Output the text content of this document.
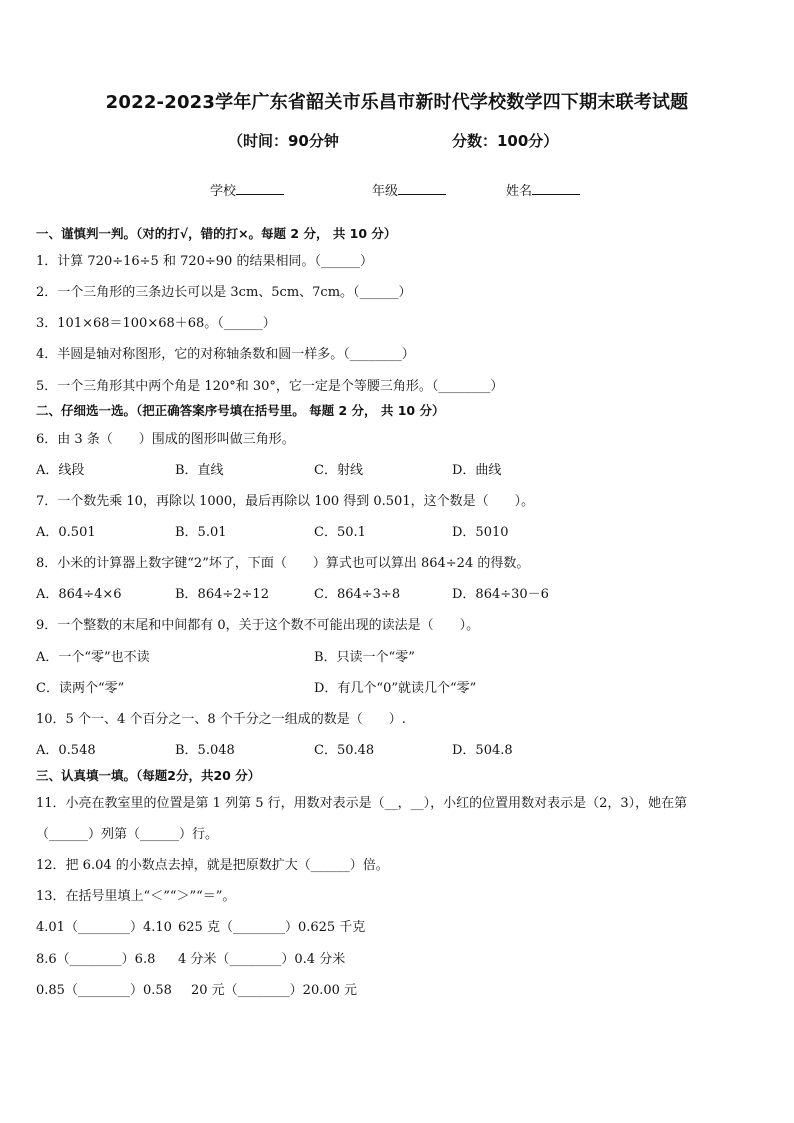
2022-2023学年广东省韶关市乐昌市新时代学校数学四下期末联考试题
（时间：90分钟	分数：100分）
学校	年级	姓名
一、谨慎判一判。（对的打√，错的打×。每题 2 分， 共 10 分）
1．计算 720÷16÷5 和 720÷90 的结果相同。（______）
2．一个三角形的三条边长可以是 3cm、5cm、7cm。（______）
3．101×68＝100×68＋68。（______）
4．半圆是轴对称图形，它的对称轴条数和圆一样多。（________）
5．一个三角形其中两个角是 120°和 30°，它一定是个等腰三角形。（________）
二、仔细选一选。（把正确答案序号填在括号里。 每题 2 分， 共 10 分）
6．由 3 条（　　）围成的图形叫做三角形。
A．线段	B．直线	C．射线	D．曲线
7．一个数先乘 10，再除以 1000，最后再除以 100 得到 0.501，这个数是（　　）。
A．0.501	B．5.01	C．50.1	D．5010
8．小米的计算器上数字键“2”坏了，下面（　　）算式也可以算出 864÷24 的得数。
A．864÷4×6	B．864÷2÷12	C．864÷3÷8	D．864÷30－6
9．一个整数的末尾和中间都有 0，关于这个数不可能出现的读法是（　　）。
A．一个“零”也不读	B．只读一个“零”
C．读两个“零”	D．有几个“0”就读几个“零”
10．5 个一、4 个百分之一、8 个千分之一组成的数是（　　）.
A．0.548	B．5.048	C．50.48	D．504.8
三、认真填一填。（每题2分，共20 分）
11．小亮在教室里的位置是第 1 列第 5 行，用数对表示是（__，__），小红的位置用数对表示是（2，3），她在第
（______）列第（______）行。
12．把 6.04 的小数点去掉，就是把原数扩大（______）倍。
13．在括号里填上“＜”“＞”“＝”。
4.01（________）4.10 625 克（________）0.625 千克
8.6（________）6.8 4 分米（________）0.4 分米
0.85（________）0.58 20 元（________）20.00 元
